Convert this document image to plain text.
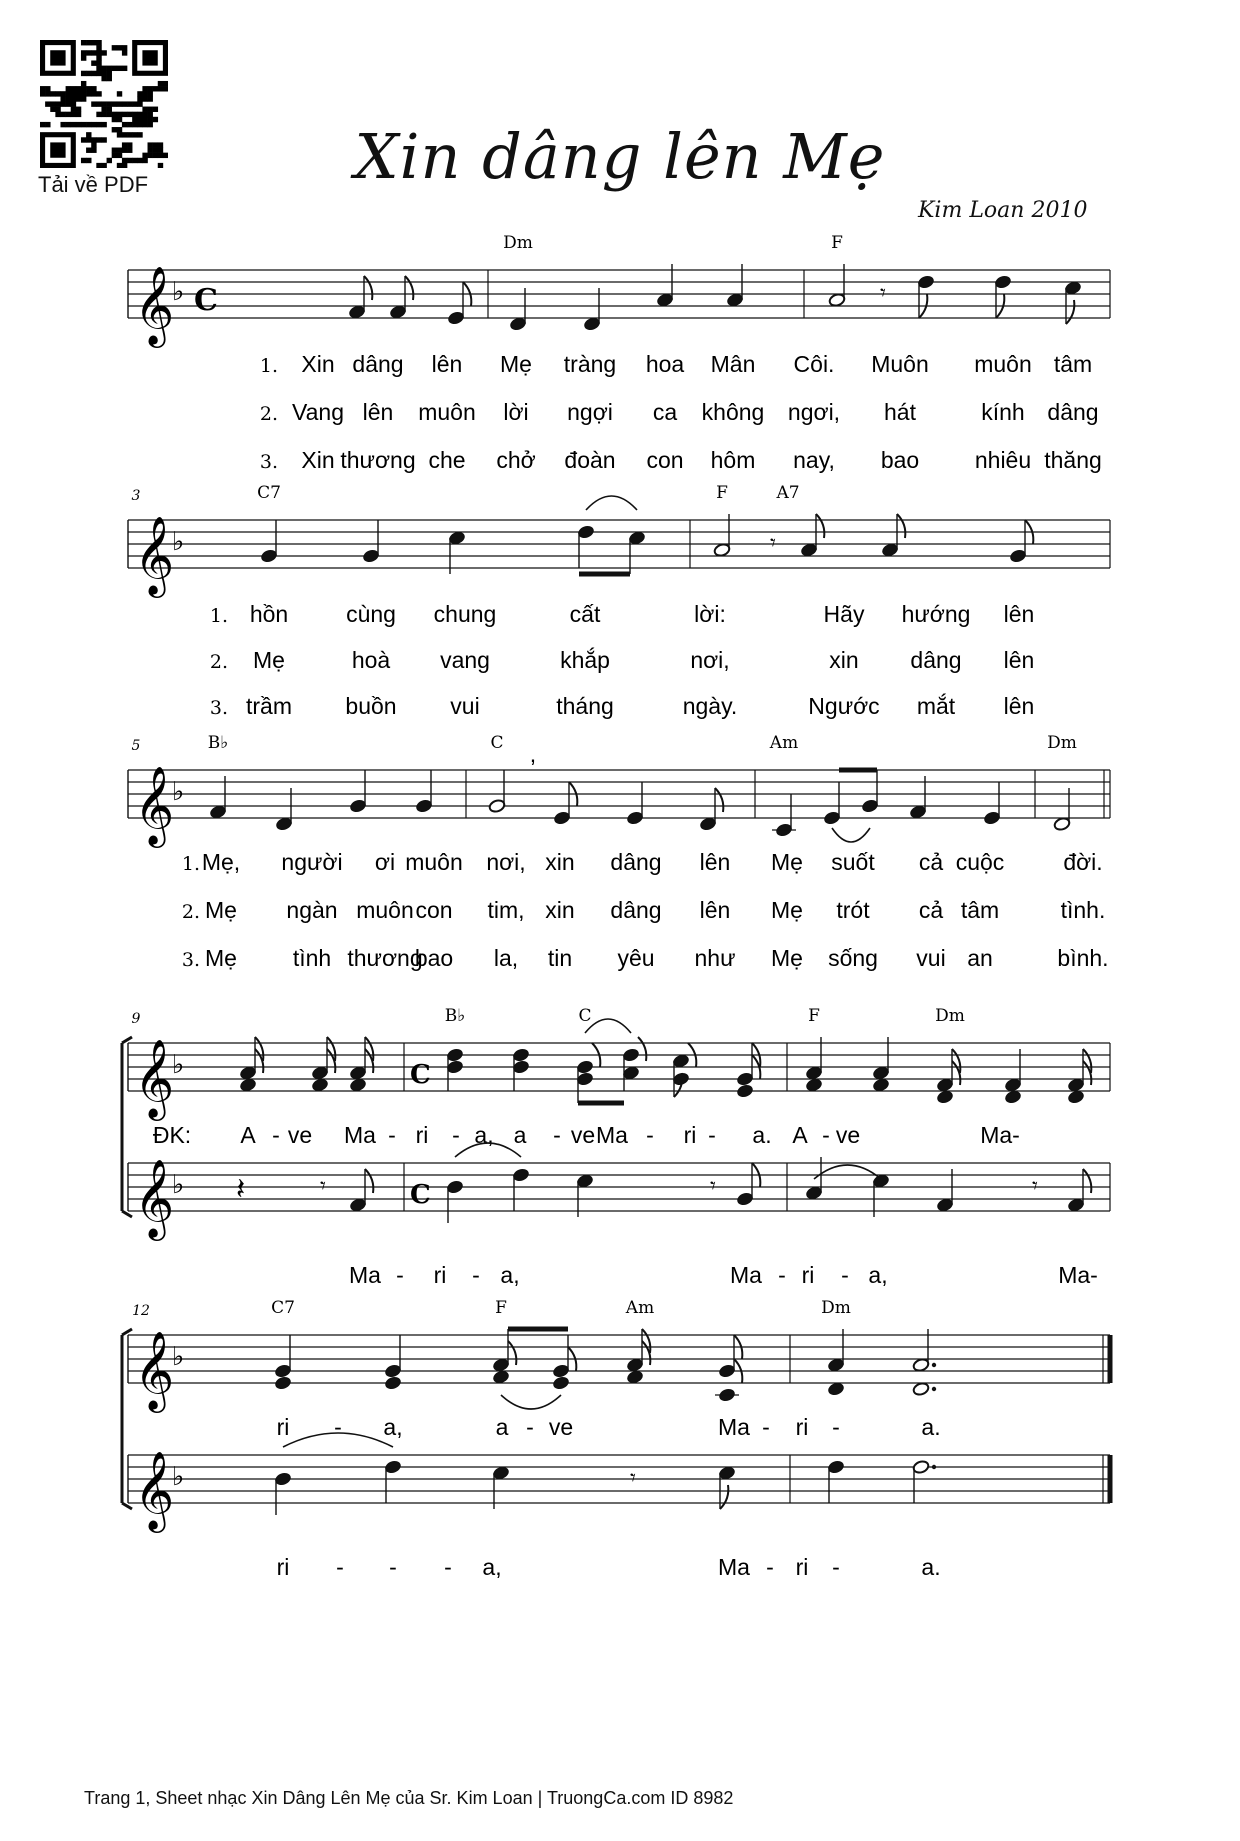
Tải về PDF	Xin dâng lên Mẹ
Kim Loan 2010
𝄞
♭ C	𝄾
Dm	F
1. Xin dâng lên Mẹ tràng hoa Mân Côi. Muôn muôn tâm
2. Vang lên muôn lời ngợi ca không ngơi, hát	kính dâng
3. Xin thương che chở đoàn con hôm nay, bao nhiêu thăng
𝄞
♭
3
𝄾
C7	F	A7
1. hồn	cùng chung	cất	lời:	Hãy hướng lên
2. Mẹ	hoà vang	khắp	nơi,	xin dâng lên
3. trầm buồn vui	tháng	ngày.	Ngước mắt lên
𝄞
♭
5	,
B♭	C	Am	Dm
1. Mẹ, người ơi muôn nơi, xin dâng lên Mẹ suốt cả cuộc	đời.
2. Mẹ ngàn muôn con tim, xin dâng lên Mẹ trót cả tâm	tình.
3. Mẹ tình thương
bao la, tin yêu như Mẹ sống vui an	bình.
𝄞
♭
𝄞
♭
9
C
B♭	C	F	Dm
ĐK: A - ve Ma - ri - a, a - ve Ma - ri - a. A - ve	Ma-
𝄽	𝄾	C	𝄾	𝄾
Ma - ri - a,	Ma - ri - a,	Ma-
𝄞
♭
𝄞
♭
12	C7	F	Am	Dm
ri - a,	a - ve	Ma - ri -	a.
𝄾
ri - - - a,	Ma - ri -	a.
Trang 1, Sheet nhạc Xin Dâng Lên Mẹ của Sr. Kim Loan | TruongCa.com ID 8982
